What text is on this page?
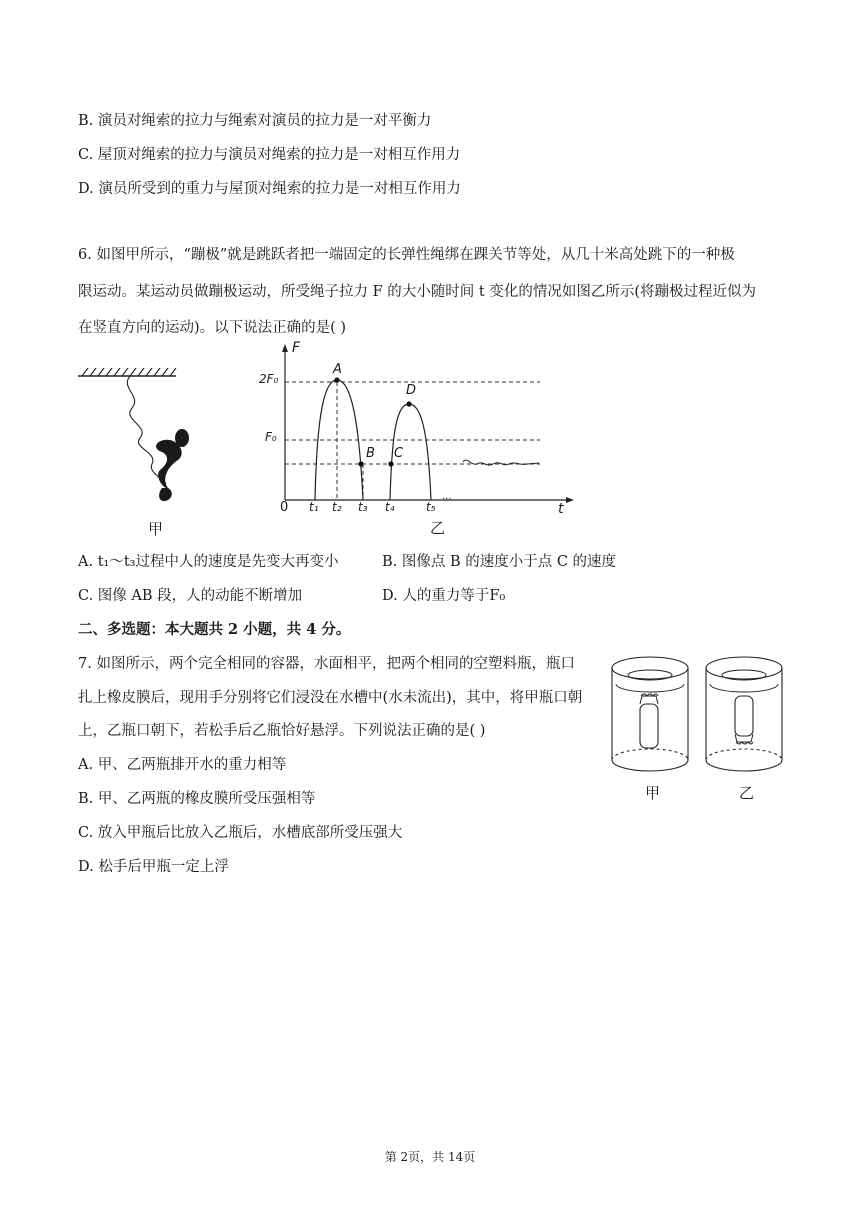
B. 演员对绳索的拉力与绳索对演员的拉力是一对平衡力
C. 屋顶对绳索的拉力与演员对绳索的拉力是一对相互作用力
D. 演员所受到的重力与屋顶对绳索的拉力是一对相互作用力
6. 如图甲所示，“蹦极”就是跳跃者把一端固定的长弹性绳绑在踝关节等处，从几十米高处跳下的一种极
限运动。某运动员做蹦极运动，所受绳子拉力 F 的大小随时间 t 变化的情况如图乙所示(将蹦极过程近似为
在竖直方向的运动)。以下说法正确的是( )
甲
F
t
0
2F₀
F₀
t₁ t₂ t₃ t₄	t₅
···
A
B C
D
乙
A. t₁～t₃过程中人的速度是先变大再变小	B. 图像点 B 的速度小于点 C 的速度
C. 图像 AB 段，人的动能不断增加	D. 人的重力等于F₀
二、多选题：本大题共 2 小题，共 4 分。
7. 如图所示，两个完全相同的容器，水面相平，把两个相同的空塑料瓶，瓶口
扎上橡皮膜后，现用手分别将它们浸没在水槽中(水未流出)，其中，将甲瓶口朝
上，乙瓶口朝下，若松手后乙瓶恰好悬浮。下列说法正确的是( )
A. 甲、乙两瓶排开水的重力相等
B. 甲、乙两瓶的橡皮膜所受压强相等
C. 放入甲瓶后比放入乙瓶后，水槽底部所受压强大
D. 松手后甲瓶一定上浮
甲	乙
第 2页，共 14页
